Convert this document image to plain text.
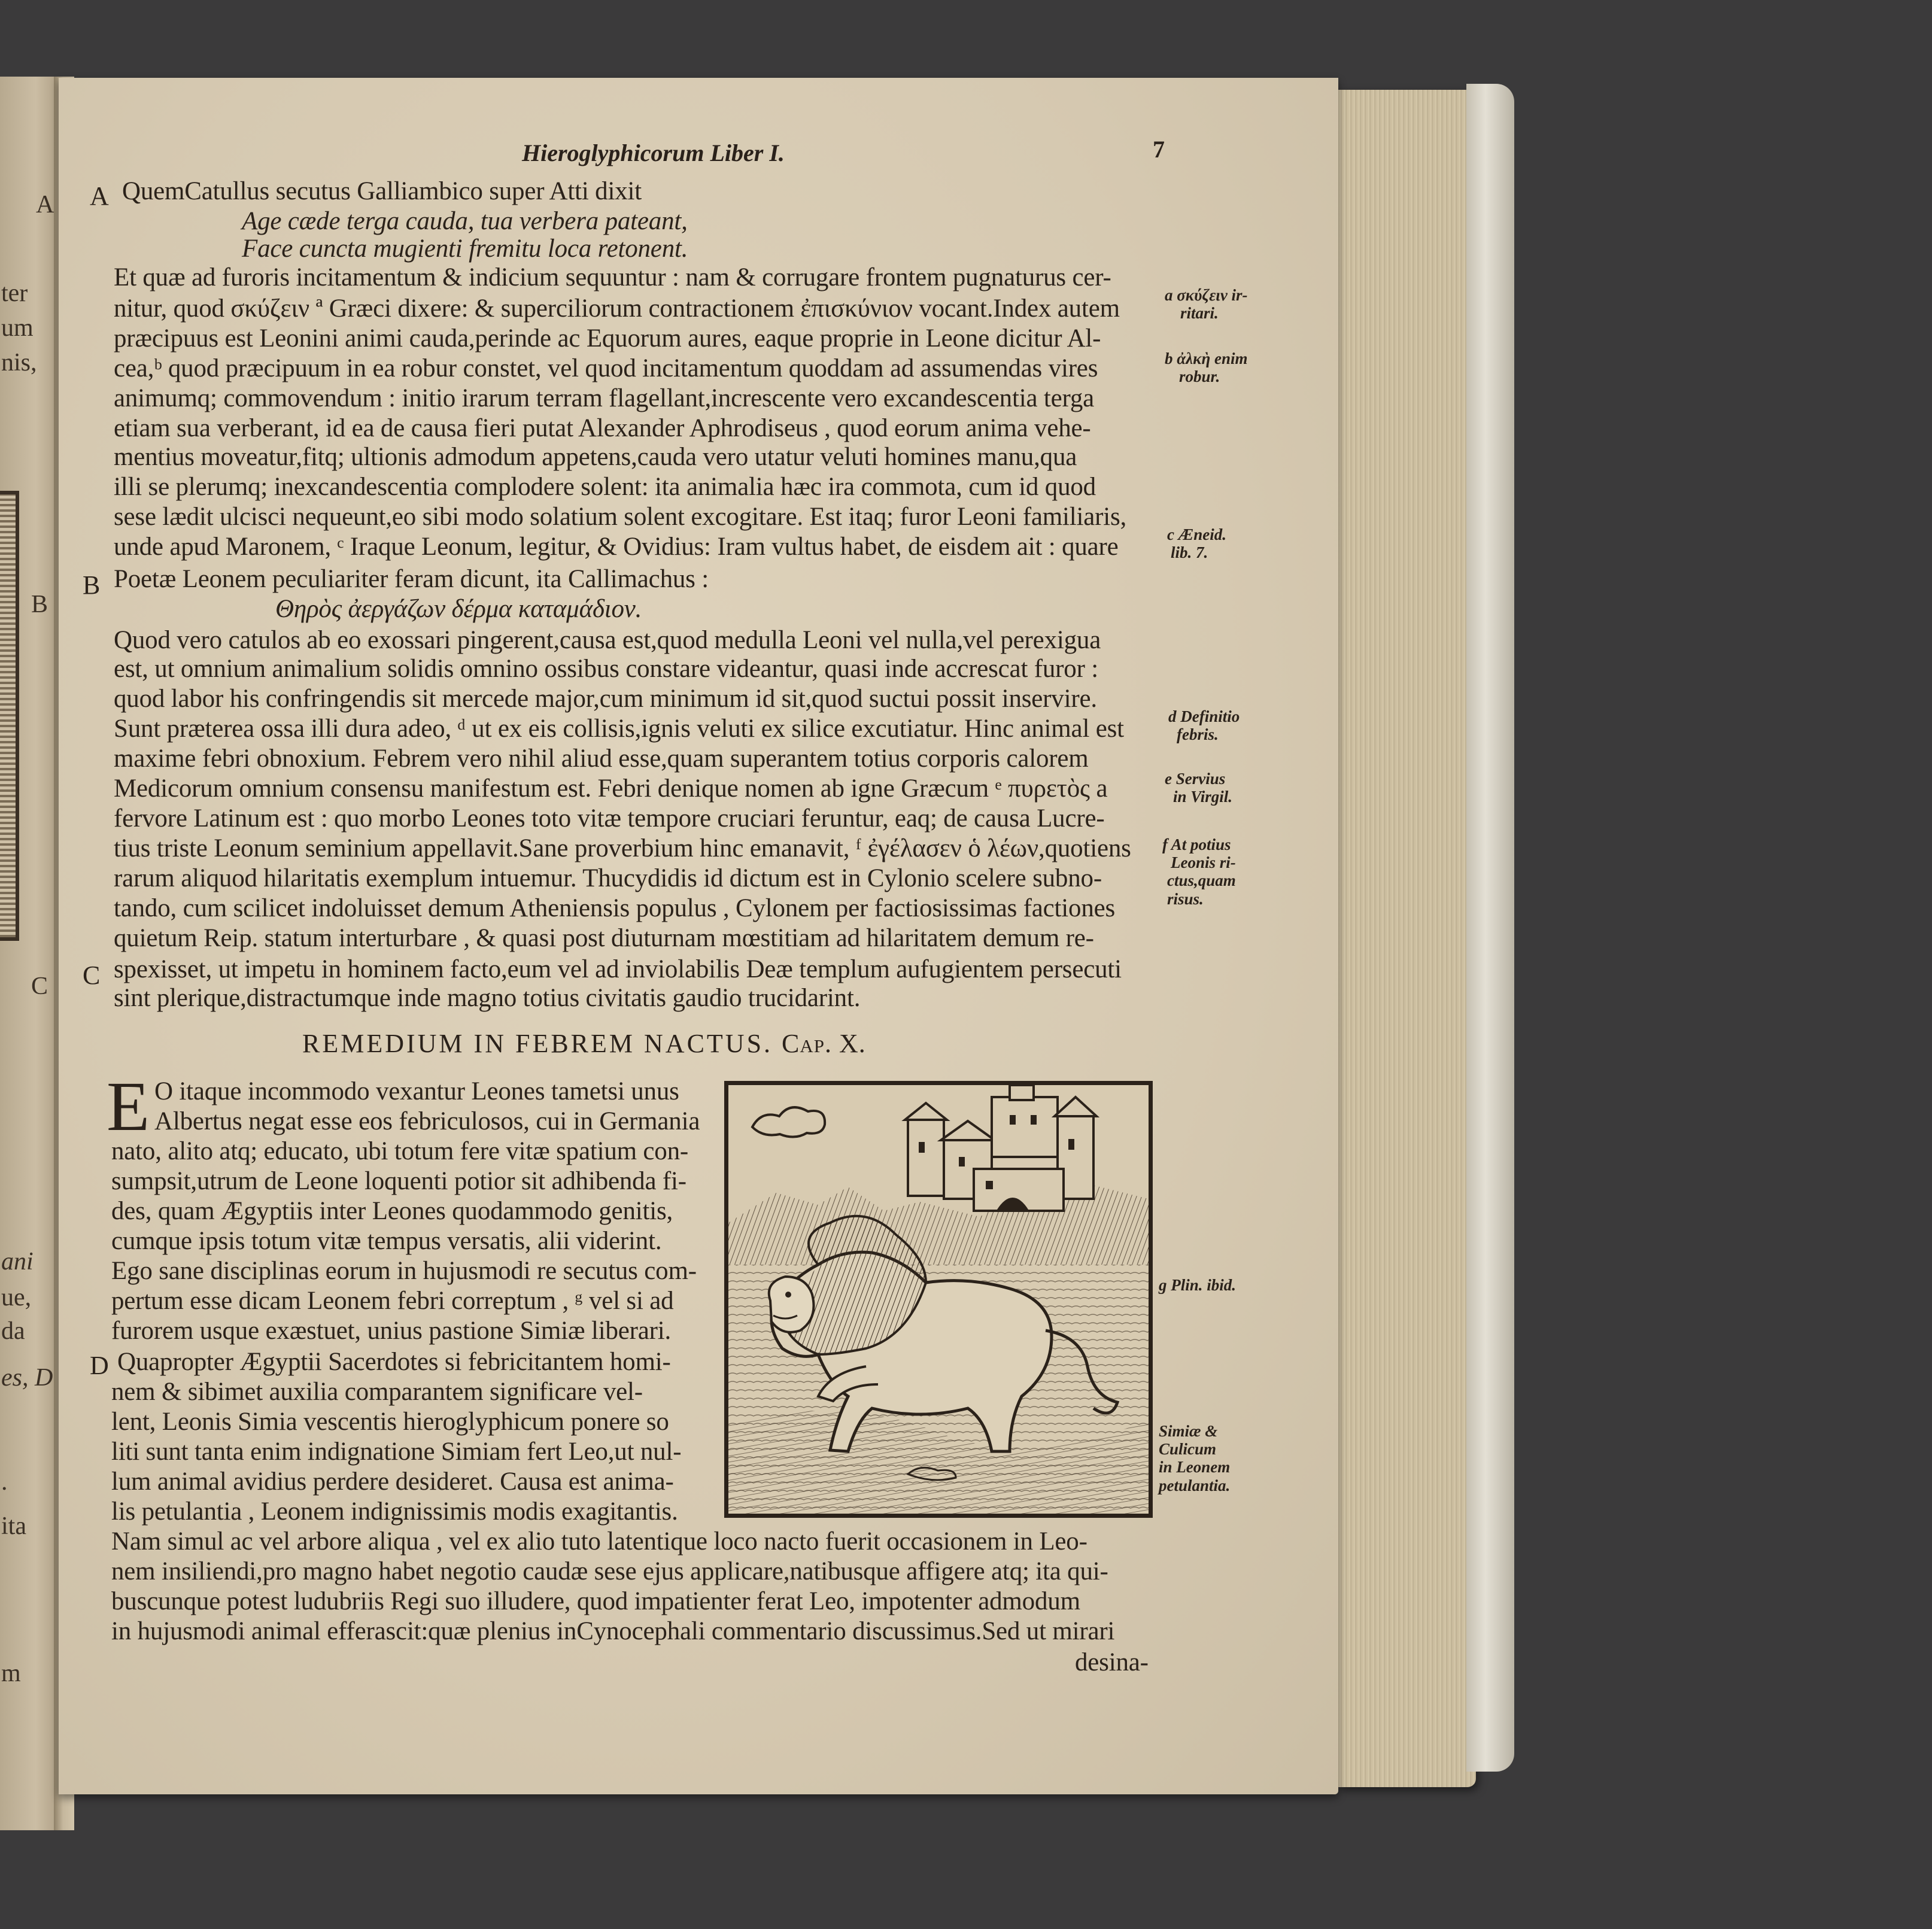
A
ter
um
nis,
B
C
ani
ue,
da
es, D
.
ita
m
Hieroglyphicorum Liber I.	7
A
B
C
D
QuemCatullus secutus Galliambico super Atti dixit
Age cæde terga cauda, tua verbera pateant,
Face cuncta mugienti fremitu loca retonent.
Et quæ ad furoris incitamentum & indicium sequuntur : nam & corrugare frontem pugnaturus cer-
nitur, quod σκύζειν ª Græci dixere: & superciliorum contractionem ἐπισκύνιον vocant.Index autem
præcipuus est Leonini animi cauda,perinde ac Equorum aures, eaque proprie in Leone dicitur Al-
cea,ᵇ quod præcipuum in ea robur constet, vel quod incitamentum quoddam ad assumendas vires
animumq; commovendum : initio irarum terram flagellant,increscente vero excandescentia terga
etiam sua verberant, id ea de causa fieri putat Alexander Aphrodiseus , quod eorum anima vehe-
mentius moveatur,fitq; ultionis admodum appetens,cauda vero utatur veluti homines manu,qua
illi se plerumq; inexcandescentia complodere solent: ita animalia hæc ira commota, cum id quod
sese lædit ulcisci nequeunt,eo sibi modo solatium solent excogitare. Est itaq; furor Leoni familiaris,
unde apud Maronem, ᶜ Iraque Leonum, legitur, & Ovidius: Iram vultus habet, de eisdem ait : quare
Poetæ Leonem peculiariter feram dicunt, ita Callimachus :
Θηρὸς ἀεργάζων δέρμα καταμάδιον.
Quod vero catulos ab eo exossari pingerent,causa est,quod medulla Leoni vel nulla,vel perexigua
est, ut omnium animalium solidis omnino ossibus constare videantur, quasi inde accrescat furor :
quod labor his confringendis sit mercede major,cum minimum id sit,quod suctui possit inservire.
Sunt præterea ossa illi dura adeo, ᵈ ut ex eis collisis,ignis veluti ex silice excutiatur. Hinc animal est
maxime febri obnoxium. Febrem vero nihil aliud esse,quam superantem totius corporis calorem
Medicorum omnium consensu manifestum est. Febri denique nomen ab igne Græcum ᵉ πυρετὸς a
fervore Latinum est : quo morbo Leones toto vitæ tempore cruciari feruntur, eaq; de causa Lucre-
tius triste Leonum seminium appellavit.Sane proverbium hinc emanavit, ᶠ ἐγέλασεν ὁ λέων,quotiens
rarum aliquod hilaritatis exemplum intuemur. Thucydidis id dictum est in Cylonio scelere subno-
tando, cum scilicet indoluisset demum Atheniensis populus , Cylonem per factiosissimas factiones
quietum Reip. statum interturbare , & quasi post diuturnam mœstitiam ad hilaritatem demum re-
spexisset, ut impetu in hominem facto,eum vel ad inviolabilis Deæ templum aufugientem persecuti
sint plerique,distractumque inde magno totius civitatis gaudio trucidarint.
REMEDIUM IN FEBREM NACTUS. Cap. X.
E O itaque incommodo vexantur Leones tametsi unus
Albertus negat esse eos febriculosos, cui in Germania
nato, alito atq; educato, ubi totum fere vitæ spatium con-
sumpsit,utrum de Leone loquenti potior sit adhibenda fi-
des, quam Ægyptiis inter Leones quodammodo genitis,
cumque ipsis totum vitæ tempus versatis, alii viderint.
Ego sane disciplinas eorum in hujusmodi re secutus com-
pertum esse dicam Leonem febri correptum , ᵍ vel si ad
furorem usque exæstuet, unius pastione Simiæ liberari.
Quapropter Ægyptii Sacerdotes si febricitantem homi-
nem & sibimet auxilia comparantem significare vel-
lent, Leonis Simia vescentis hieroglyphicum ponere so
liti sunt tanta enim indignatione Simiam fert Leo,ut nul-
lum animal avidius perdere desideret. Causa est anima-
lis petulantia , Leonem indignissimis modis exagitantis.
Nam simul ac vel arbore aliqua , vel ex alio tuto latentique loco nacto fuerit occasionem in Leo-
nem insiliendi,pro magno habet negotio caudæ sese ejus applicare,natibusque affigere atq; ita qui-
buscunque potest ludubriis Regi suo illudere, quod impatienter ferat Leo, impotenter admodum
in hujusmodi animal efferascit:quæ plenius inCynocephali commentario discussimus.Sed ut mirari
desina-
a σκύζειν ir-
ritari.
b ἀλκὴ enim
robur.
c Æneid.
lib. 7.
d Definitio
febris.
e Servius
in Virgil.
f At potius
Leonis ri-
ctus,quam
risus.
g Plin. ibid.
Simiæ &
Culicum
in Leonem
petulantia.
